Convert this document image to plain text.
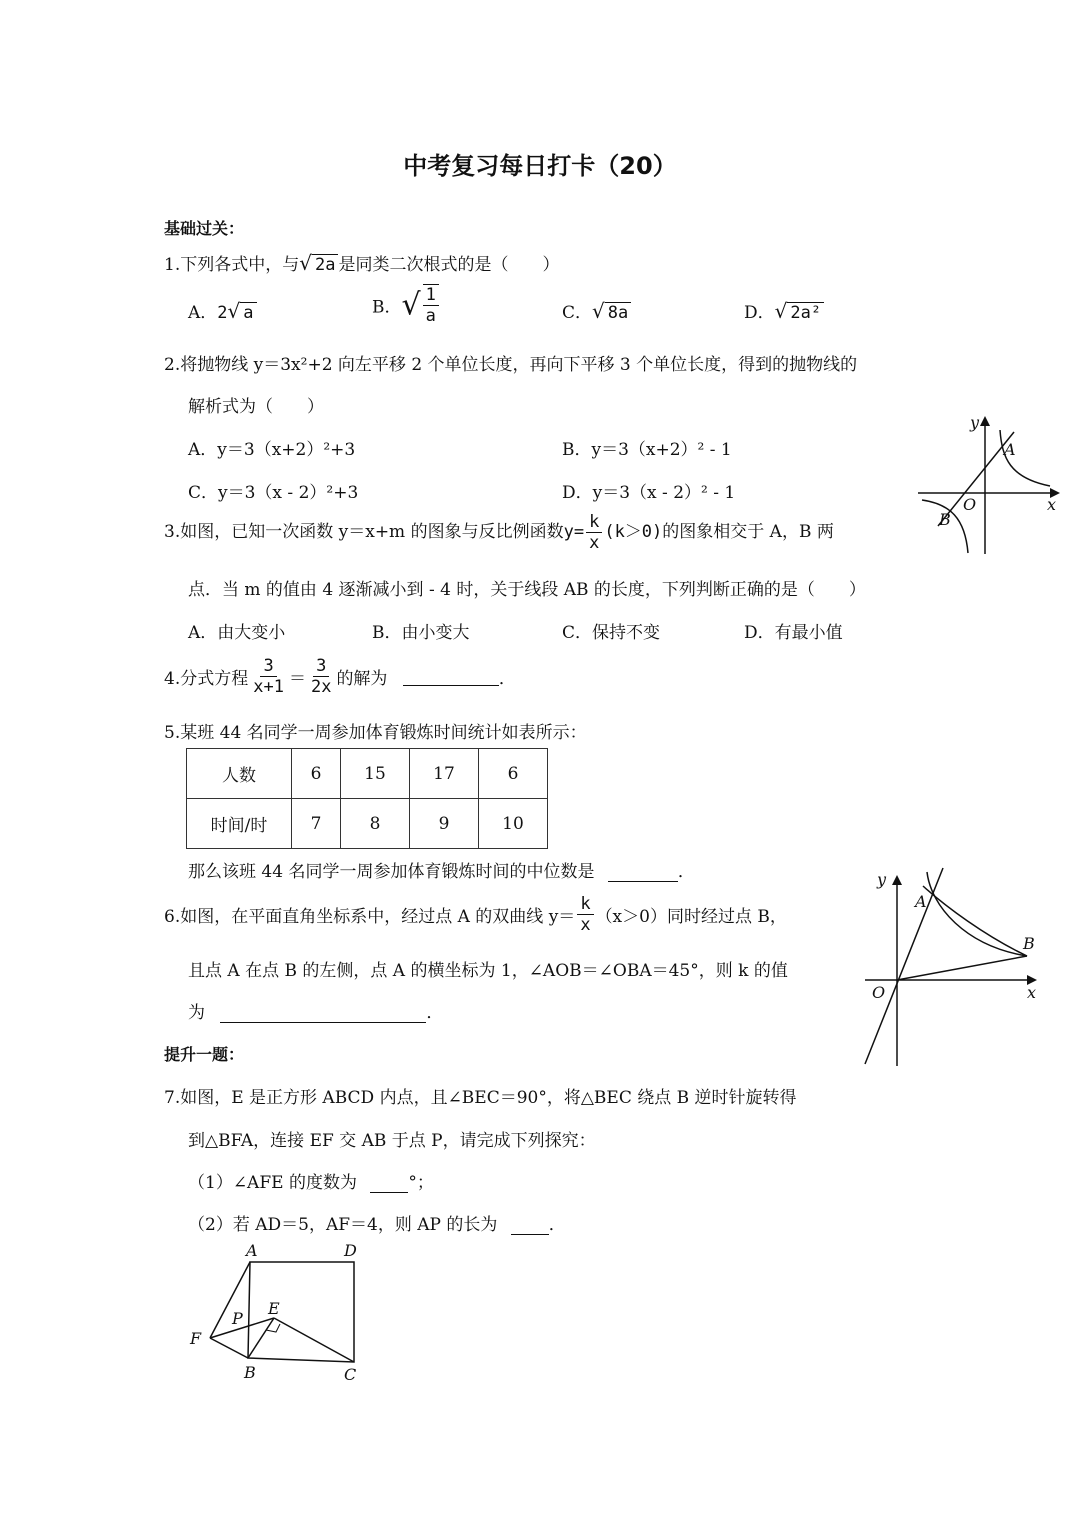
中考复习每日打卡（20）
基础过关：
1.下列各式中，与√ 2a 是同类二次根式的是（　　）
A．2√ a	B．√ $\frac{1}{a}$	C．√ 8a	D．√ 2a²
2.将抛物线 y＝3x²+2 向左平移 2 个单位长度，再向下平移 3 个单位长度，得到的抛物线的
解析式为（　　）
A．y＝3（x+2）²+3	B．y＝3（x+2）² - 1
C．y＝3（x - 2）²+3	D．y＝3（x - 2）² - 1
y
x
A
B
O
3.如图，已知一次函数 y＝x+m 的图象与反比例函数$y= \frac{k}{x} (k>0)$的图象相交于 A，B 两
点．当 m 的值由 4 逐渐减小到 - 4 时，关于线段 AB 的长度，下列判断正确的是（　　）
A．由大变小	B．由小变大	C．保持不变	D．有最小值
4.分式方程 $\frac{3}{x+1} = \frac{3}{2x}$ 的解为	．
5.某班 44 名同学一周参加体育锻炼时间统计如表所示：
人数	6	15	17	6
时间/时	7	8	9	10
那么该班 44 名同学一周参加体育锻炼时间的中位数是	．	y
x
A
B
O
6.如图，在平面直角坐标系中，经过点 A 的双曲线 $y= \frac{k}{x} (x>0)$同时经过点 B，
且点 A 在点 B 的左侧，点 A 的横坐标为 1，∠AOB＝∠OBA＝45°，则 k 的值
为	．
提升一题：
7.如图，E 是正方形 ABCD 内点，且∠BEC＝90°，将△BEC 绕点 B 逆时针旋转得
到△BFA，连接 EF 交 AB 于点 P，请完成下列探究：
（1）∠AFE 的度数为	°；
（2）若 AD＝5，AF＝4，则 AP 的长为	．
A	D
P
E
F
B	C
